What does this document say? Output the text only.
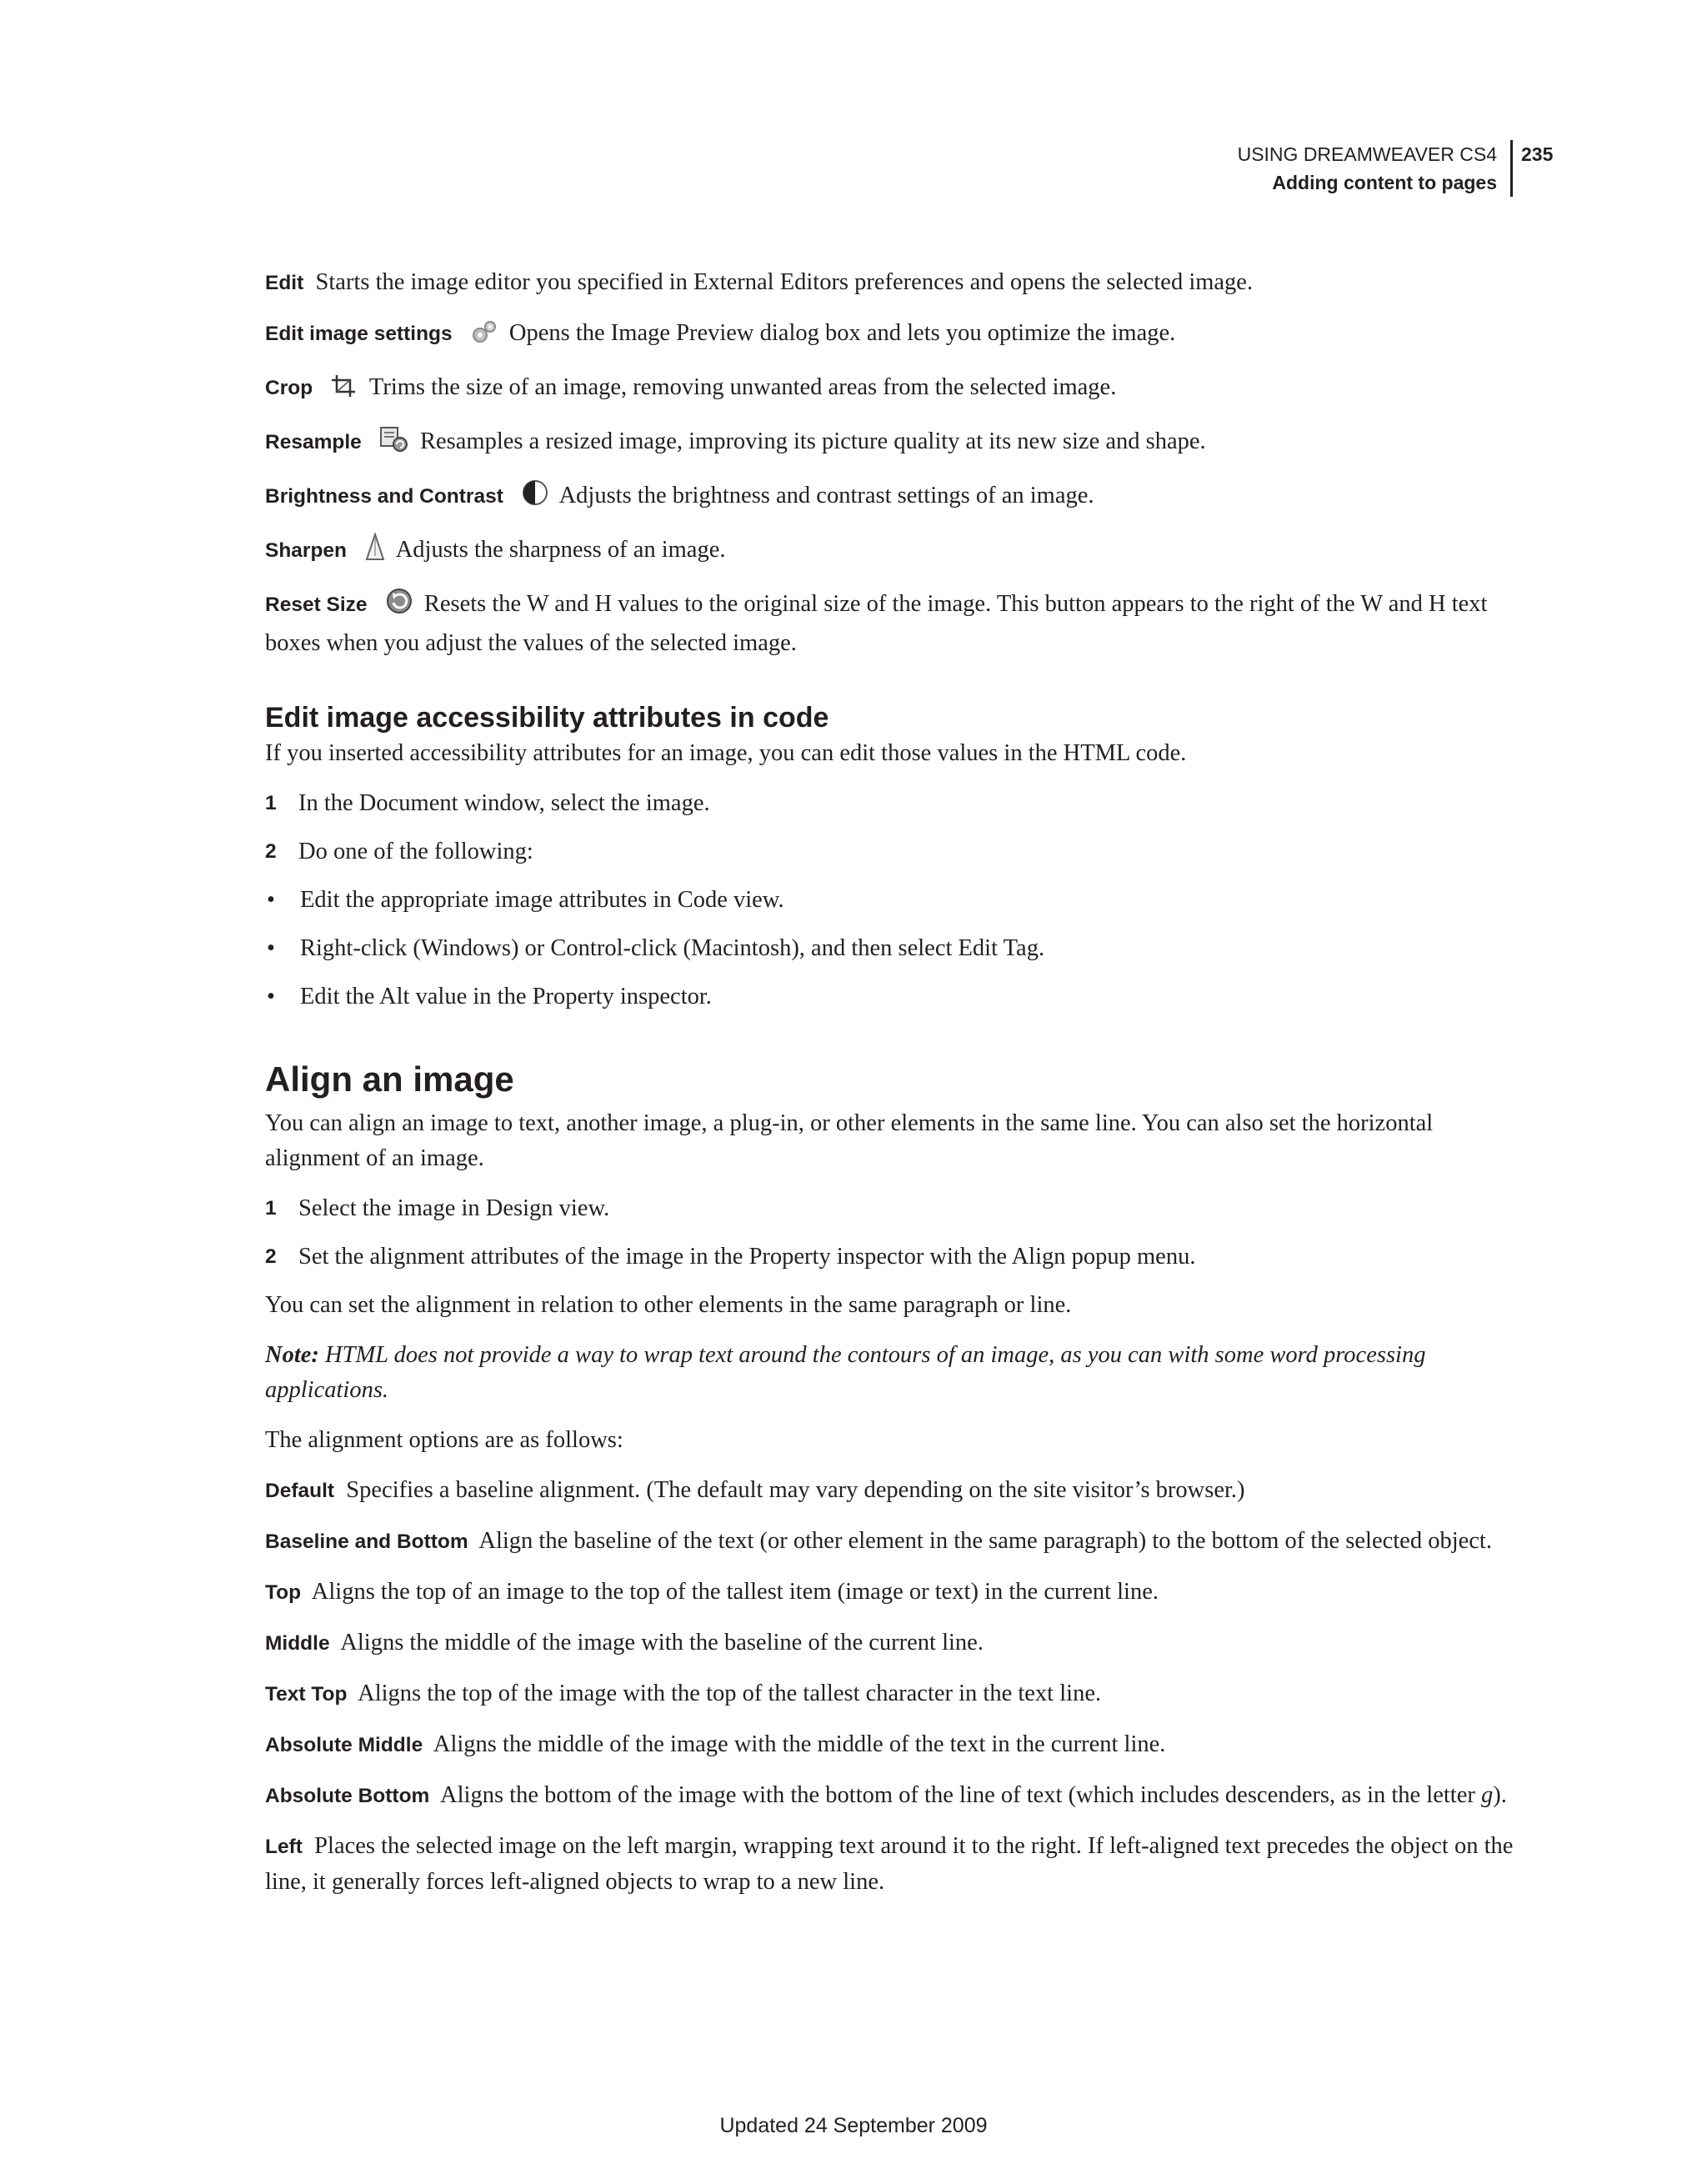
USING DREAMWEAVER CS4
Adding content to pages
235

Edit Starts the image editor you specified in External Editors preferences and opens the selected image.

Edit image settings Opens the Image Preview dialog box and lets you optimize the image.

Crop Trims the size of an image, removing unwanted areas from the selected image.

Resample Resamples a resized image, improving its picture quality at its new size and shape.

Brightness and Contrast Adjusts the brightness and contrast settings of an image.

Sharpen Adjusts the sharpness of an image.

Reset Size Resets the W and H values to the original size of the image. This button appears to the right of the W and H text boxes when you adjust the values of the selected image.

Edit image accessibility attributes in code

If you inserted accessibility attributes for an image, you can edit those values in the HTML code.

1 In the Document window, select the image.
2 Do one of the following:
•	Edit the appropriate image attributes in Code view.
•	Right-click (Windows) or Control-click (Macintosh), and then select Edit Tag.
•	Edit the Alt value in the Property inspector.
Align an image

You can align an image to text, another image, a plug-in, or other elements in the same line. You can also set the horizontal alignment of an image.

1 Select the image in Design view.
2 Set the alignment attributes of the image in the Property inspector with the Align popup menu.

You can set the alignment in relation to other elements in the same paragraph or line.

Note: HTML does not provide a way to wrap text around the contours of an image, as you can with some word processing applications.

The alignment options are as follows:

Default Specifies a baseline alignment. (The default may vary depending on the site visitor’s browser.)

Baseline and Bottom Align the baseline of the text (or other element in the same paragraph) to the bottom of the selected object.

Top Aligns the top of an image to the top of the tallest item (image or text) in the current line.

Middle Aligns the middle of the image with the baseline of the current line.

Text Top Aligns the top of the image with the top of the tallest character in the text line.

Absolute Middle Aligns the middle of the image with the middle of the text in the current line.

Absolute Bottom Aligns the bottom of the image with the bottom of the line of text (which includes descenders, as in the letter g).

Left Places the selected image on the left margin, wrapping text around it to the right. If left-aligned text precedes the object on the line, it generally forces left-aligned objects to wrap to a new line.

Updated 24 September 2009
